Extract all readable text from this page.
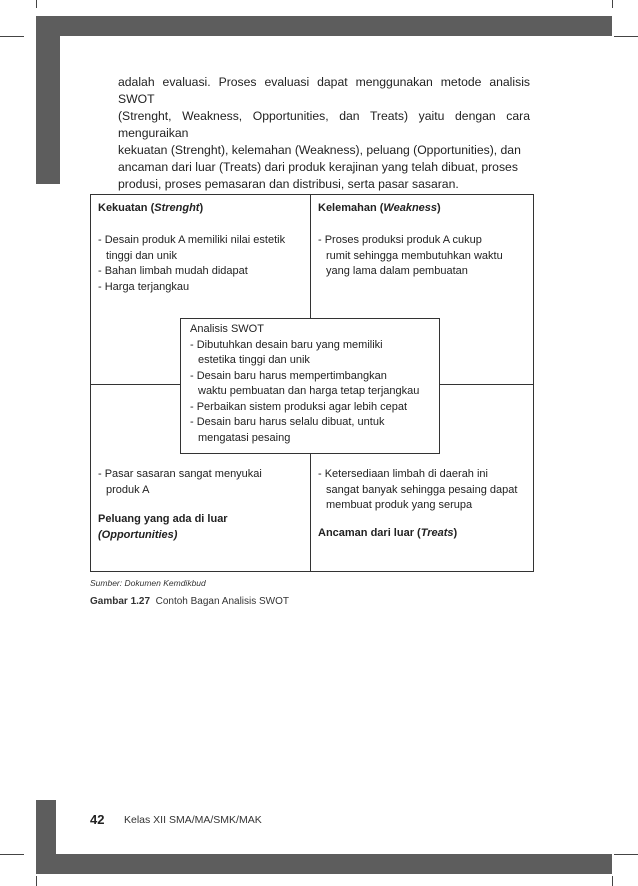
adalah evaluasi. Proses evaluasi dapat menggunakan metode analisis SWOT
(Strenght, Weakness, Opportunities, dan Treats) yaitu dengan cara menguraikan
kekuatan (Strenght), kelemahan (Weakness), peluang (Opportunities), dan
ancaman dari luar (Treats) dari produk kerajinan yang telah dibuat, proses
produsi, proses pemasaran dan distribusi, serta pasar sasaran.
Kekuatan (Strenght)
- Desain produk A memiliki nilai estetik
tinggi dan unik
- Bahan limbah mudah didapat
- Harga terjangkau
Kelemahan (Weakness)
- Proses produksi produk A cukup
rumit sehingga membutuhkan waktu
yang lama dalam pembuatan
- Pasar sasaran sangat menyukai
produk A
Peluang yang ada di luar
(Opportunities)
- Ketersediaan limbah di daerah ini
sangat banyak sehingga pesaing dapat
membuat produk yang serupa
Ancaman dari luar (Treats)
Analisis SWOT
- Dibutuhkan desain baru yang memiliki
estetika tinggi dan unik
- Desain baru harus mempertimbangkan
waktu pembuatan dan harga tetap terjangkau
- Perbaikan sistem produksi agar lebih cepat
- Desain baru harus selalu dibuat, untuk
mengatasi pesaing
Sumber: Dokumen Kemdikbud
Gambar 1.27 Contoh Bagan Analisis SWOT
42 Kelas XII SMA/MA/SMK/MAK
